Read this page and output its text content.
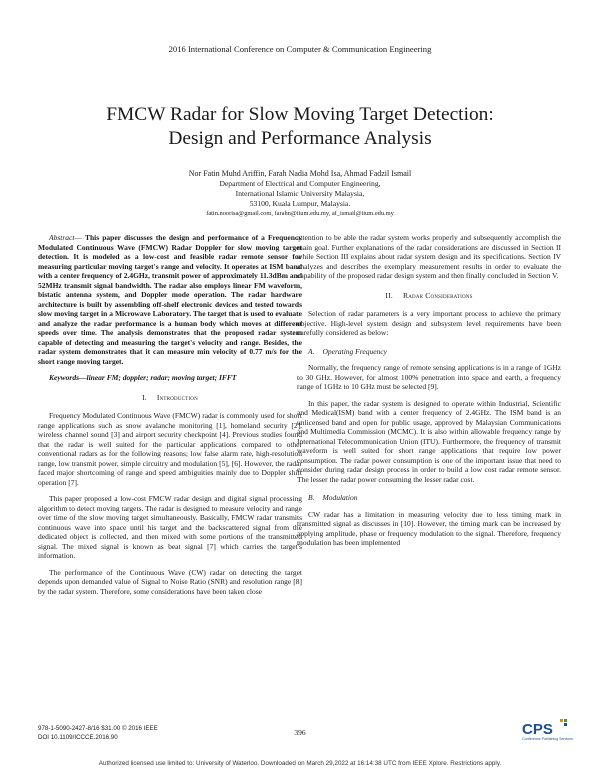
2016 International Conference on Computer & Communication Engineering
FMCW Radar for Slow Moving Target Detection:
Design and Performance Analysis
Nor Fatin Muhd Ariffin, Farah Nadia Mohd Isa, Ahmad Fadzil Ismail
Department of Electrical and Computer Engineering,
International Islamic University Malaysia,
53100, Kuala Lumpur, Malaysia.
fatin.noorisa@gmail.com, farahn@iium.edu.my, af_ismail@iium.edu.my

Abstract— This paper discusses the design and performance of a Frequency Modulated Continuous Wave (FMCW) Radar Doppler for slow moving target detection. It is modeled as a low-cost and feasible radar remote sensor for measuring particular moving target's range and velocity. It operates at ISM band with a center frequency of 2.4GHz, transmit power of approximately 11.3dBm and 52MHz transmit signal bandwidth. The radar also employs linear FM waveform, bistatic antenna system, and Doppler mode operation. The radar hardware architecture is built by assembling off-shelf electronic devices and tested towards slow moving target in a Microwave Laboratory. The target that is used to evaluate and analyze the radar performance is a human body which moves at different speeds over time. The analysis demonstrates that the proposed radar system capable of detecting and measuring the target's velocity and range. Besides, the radar system demonstrates that it can measure min velocity of 0.77 m/s for the short range moving target.

Keywords—linear FM; doppler; radar; moving target; IFFT

I. Introduction

Frequency Modulated Continuous Wave (FMCW) radar is commonly used for short range applications such as snow avalanche monitoring [1], homeland security [2], wireless channel sound [3] and airport security checkpoint [4]. Previous studies found that the radar is well suited for the particular applications compared to other conventional radars as for the following reasons; low false alarm rate, high-resolution range, low transmit power, simple circuitry and modulation [5], [6]. However, the radar faced major shortcoming of range and speed ambiguities mainly due to Doppler shift operation [7].

This paper proposed a low-cost FMCW radar design and digital signal processing algorithm to detect moving targets. The radar is designed to measure velocity and range over time of the slow moving target simultaneously. Basically, FMCW radar transmits continuous wave into space until his target and the backscattered signal from the dedicated object is collected, and then mixed with some portions of the transmitted signal. The mixed signal is known as beat signal [7] which carries the target's information.

The performance of the Continuous Wave (CW) radar on detecting the target depends upon demanded value of Signal to Noise Ratio (SNR) and resolution range [8] by the radar system. Therefore, some considerations have been taken close

attention to be able the radar system works properly and subsequently accomplish the main goal. Further explanations of the radar considerations are discussed in Section II while Section III explains about radar system design and its specifications. Section IV analyzes and describes the exemplary measurement results in order to evaluate the capability of the proposed radar design system and then finally concluded in Section V.

II. Radar Considerations

Selection of radar parameters is a very important process to achieve the primary objective. High-level system design and subsystem level requirements have been carefully considered as below:

A. Operating Frequency

Normally, the frequency range of remote sensing applications is in a range of 1GHz to 30 GHz. However, for almost 100% penetration into space and earth, a frequency range of 1GHz to 10 GHz must be selected [9].

In this paper, the radar system is designed to operate within Industrial, Scientific and Medical(ISM) band with a center frequency of 2.4GHz. The ISM band is an unlicensed band and open for public usage, approved by Malaysian Communications and Multimedia Commission (MCMC). It is also within allowable frequency range by International Telecommunication Union (ITU). Furthermore, the frequency of transmit waveform is well suited for short range applications that require low power consumption. The radar power consumption is one of the important issue that need to consider during radar design process in order to build a low cost radar remote sensor. The lesser the radar power consuming the lesser radar cost.

B. Modulation

CW radar has a limitation in measuring velocity due to less timing mark in transmitted signal as discusses in [10]. However, the timing mark can be increased by applying amplitude, phase or frequency modulation to the signal. Therefore, frequency modulation has been implemented

978-1-5090-2427-8/16 $31.00 © 2016 IEEE
DOI 10.1109/ICCCE.2016.90	396	CPS
Conference Publishing Services
Authorized licensed use limited to: University of Waterloo. Downloaded on March 29,2022 at 16:14:38 UTC from IEEE Xplore. Restrictions apply.
